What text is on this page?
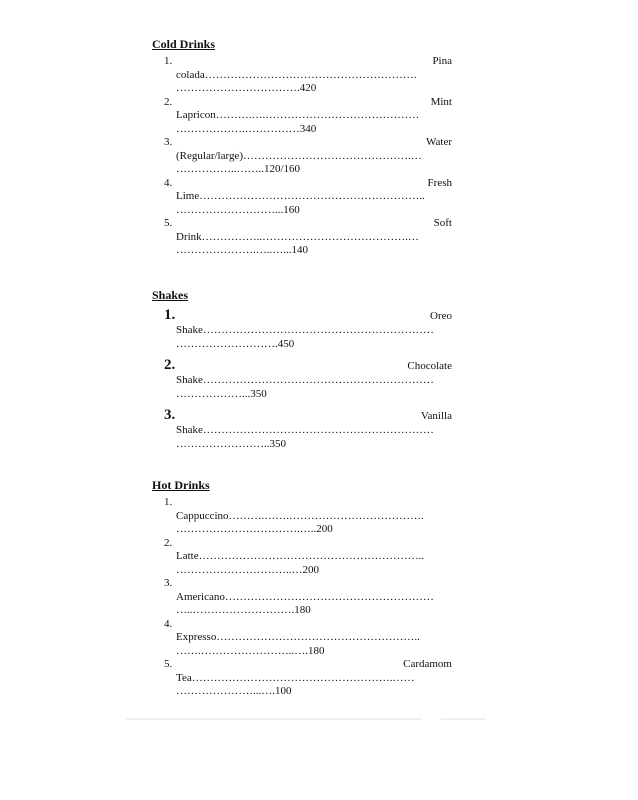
Cold Drinks

1.	Pina
colada………………………………………………….
…………………………….420
2.	Mint
Lapricon……….….……………………………………
……………….……………340
3.	Water
(Regular/large)……………………………………….…
……………..……..120/160
4.	Fresh
Lime……………………………………………………..
………………………...160
5.	Soft
Drink……………..………………………………….…
………………….…..…...140

Shakes

1.	Oreo
Shake………………………………………………………
……………………….450
2.	Chocolate
Shake………………………………………………………
………………...350
3.	Vanilla
Shake………………………………………………………
……………………..350

Hot Drinks

1.
Cappuccino……….…….……………………………….
…………………………….…..200
2.
Latte……………………………………………………..
…………………………..…200
3.
Americano…………………………………………………
…..……………………….180
4.
Expresso………………………………………………..
…….……………………..….180
5.	Cardamom
Tea……………………………………………….……
…………………...….100
